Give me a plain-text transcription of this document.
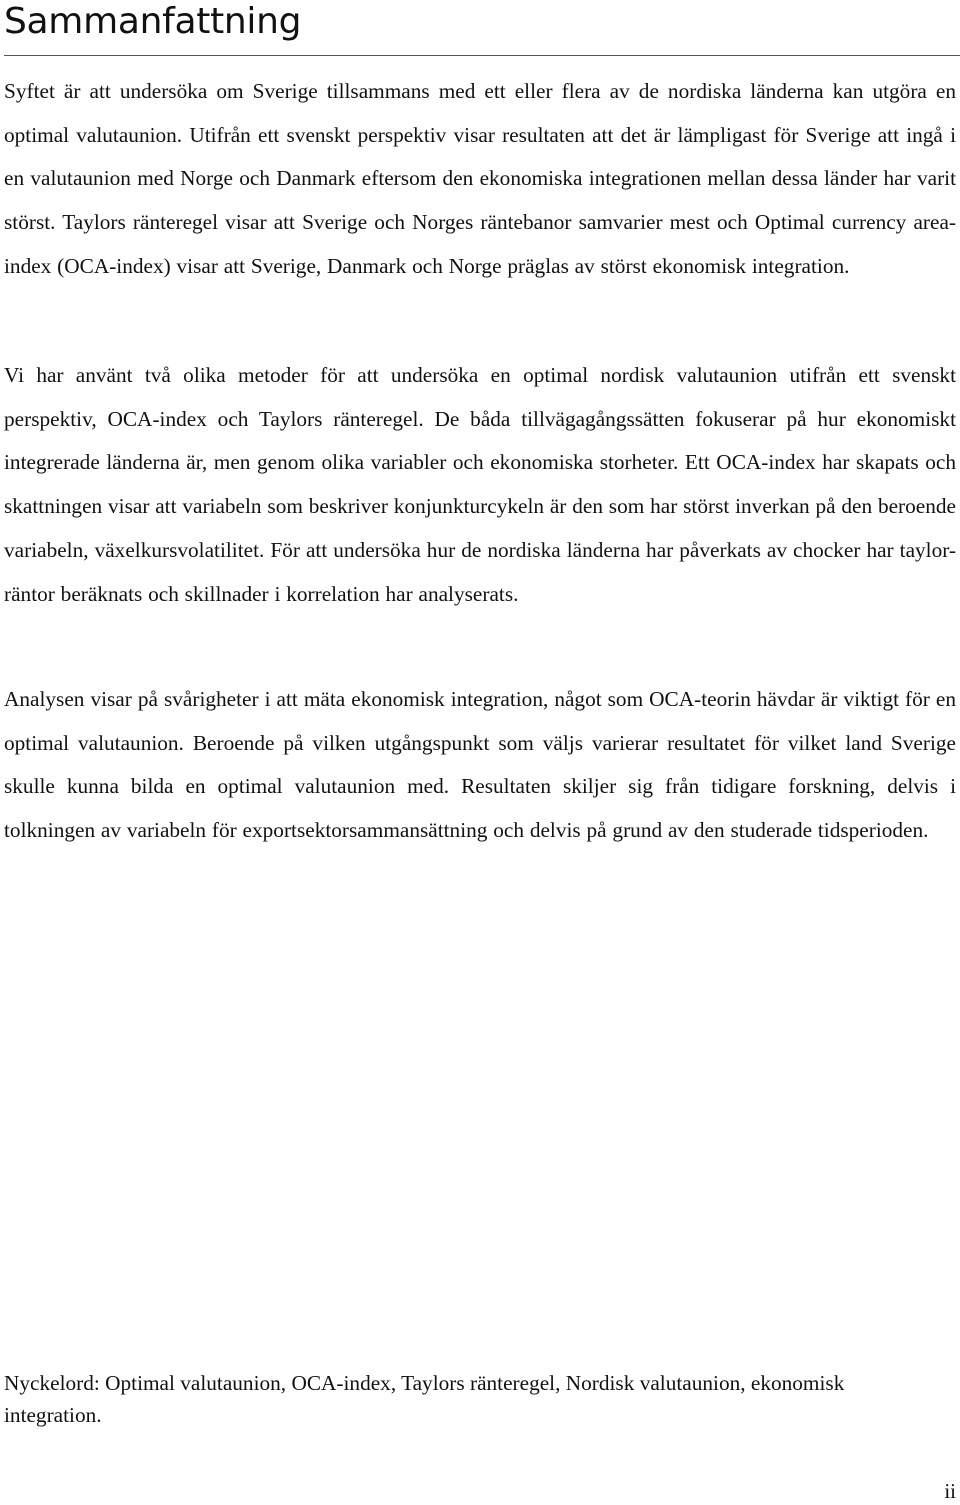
Sammanfattning

Syftet är att undersöka om Sverige tillsammans med ett eller flera av de nordiska länderna kan utgöra en optimal valutaunion. Utifrån ett svenskt perspektiv visar resultaten att det är lämpligast för Sverige att ingå i en valutaunion med Norge och Danmark eftersom den ekonomiska integrationen mellan dessa länder har varit störst. Taylors ränteregel visar att Sverige och Norges räntebanor samvarier mest och Optimal currency area-index (OCA-index) visar att Sverige, Danmark och Norge präglas av störst ekonomisk integration.

Vi har använt två olika metoder för att undersöka en optimal nordisk valutaunion utifrån ett svenskt perspektiv, OCA-index och Taylors ränteregel. De båda tillvägagångssätten fokuserar på hur ekonomiskt integrerade länderna är, men genom olika variabler och ekonomiska storheter. Ett OCA-index har skapats och skattningen visar att variabeln som beskriver konjunkturcykeln är den som har störst inverkan på den beroende variabeln, växelkursvolatilitet. För att undersöka hur de nordiska länderna har påverkats av chocker har taylor-räntor beräknats och skillnader i korrelation har analyserats.

Analysen visar på svårigheter i att mäta ekonomisk integration, något som OCA-teorin hävdar är viktigt för en optimal valutaunion. Beroende på vilken utgångspunkt som väljs varierar resultatet för vilket land Sverige skulle kunna bilda en optimal valutaunion med. Resultaten skiljer sig från tidigare forskning, delvis i tolkningen av variabeln för exportsektorsammansättning och delvis på grund av den studerade tidsperioden.

Nyckelord: Optimal valutaunion, OCA-index, Taylors ränteregel, Nordisk valutaunion, ekonomisk integration.

ii
